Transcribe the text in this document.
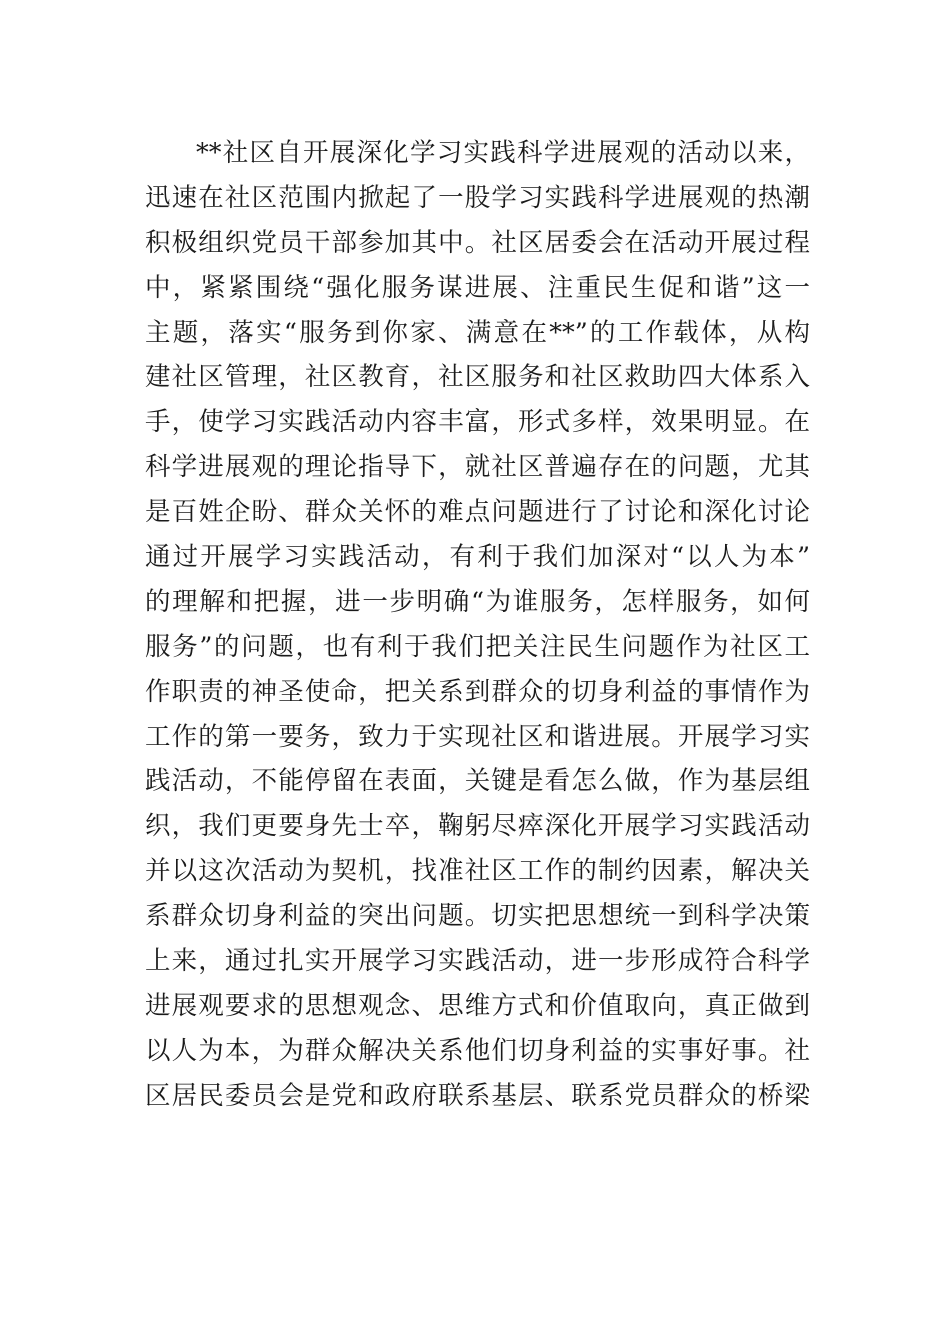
**社区自开展深化学习实践科学进展观的活动以来，
迅速在社区范围内掀起了一股学习实践科学进展观的热潮
积极组织党员干部参加其中。社区居委会在活动开展过程
中，紧紧围绕“强化服务谋进展、注重民生促和谐”这一
主题，落实“服务到你家、满意在**”的工作载体，从构
建社区管理，社区教育，社区服务和社区救助四大体系入
手，使学习实践活动内容丰富，形式多样，效果明显。在
科学进展观的理论指导下，就社区普遍存在的问题，尤其
是百姓企盼、群众关怀的难点问题进行了讨论和深化讨论
通过开展学习实践活动，有利于我们加深对“以人为本”
的理解和把握，进一步明确“为谁服务，怎样服务，如何
服务”的问题，也有利于我们把关注民生问题作为社区工
作职责的神圣使命，把关系到群众的切身利益的事情作为
工作的第一要务，致力于实现社区和谐进展。开展学习实
践活动，不能停留在表面，关键是看怎么做，作为基层组
织，我们更要身先士卒，鞠躬尽瘁深化开展学习实践活动
并以这次活动为契机，找准社区工作的制约因素，解决关
系群众切身利益的突出问题。切实把思想统一到科学决策
上来，通过扎实开展学习实践活动，进一步形成符合科学
进展观要求的思想观念、思维方式和价值取向，真正做到
以人为本，为群众解决关系他们切身利益的实事好事。社
区居民委员会是党和政府联系基层、联系党员群众的桥梁
